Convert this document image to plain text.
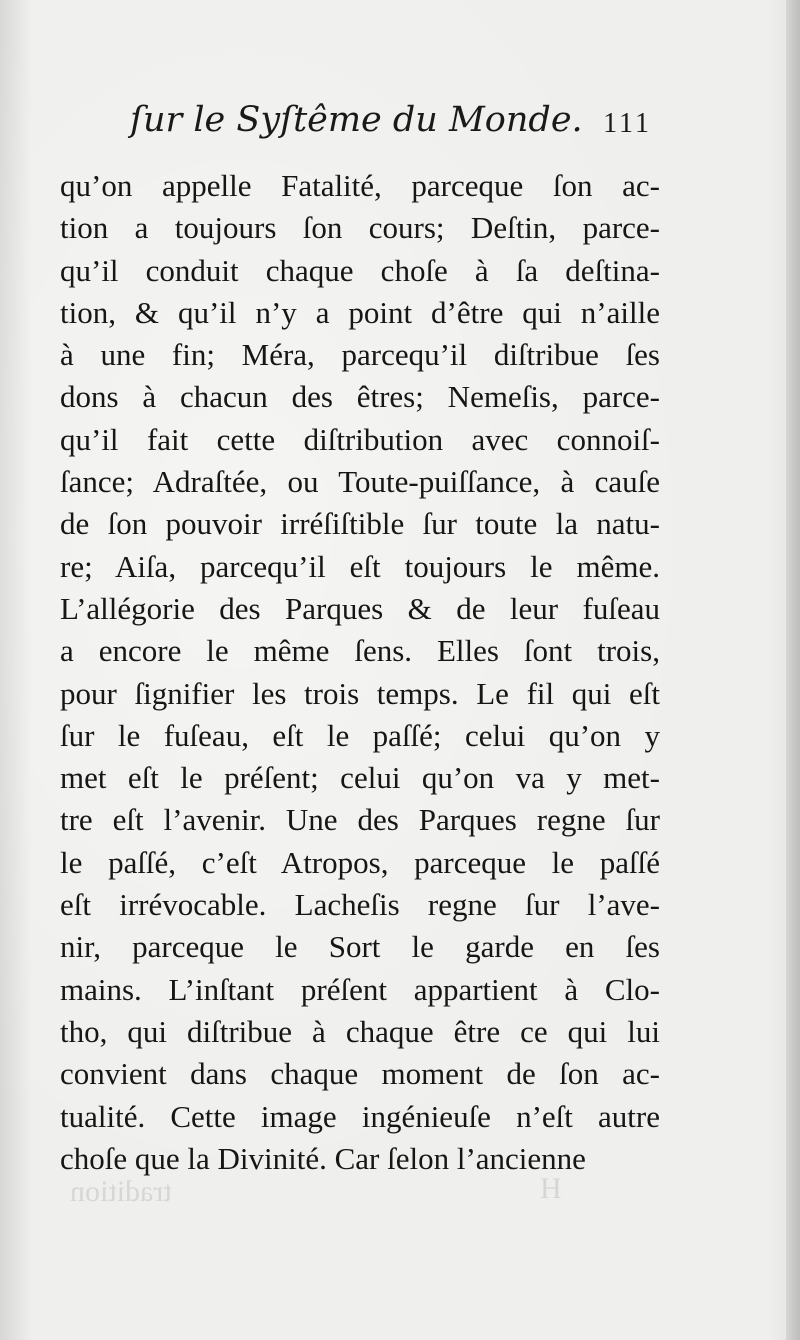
ſur le Syſtême du Monde. 111
qu’on appelle Fatalité, parceque ſon ac-
tion a toujours ſon cours; Deſtin, parce-
qu’il conduit chaque choſe à ſa deſtina-
tion, & qu’il n’y a point d’être qui n’aille
à une fin; Méra, parcequ’il diſtribue ſes
dons à chacun des êtres; Nemeſis, parce-
qu’il fait cette diſtribution avec connoiſ-
ſance; Adraſtée, ou Toute-puiſſance, à cauſe
de ſon pouvoir irréſiſtible ſur toute la natu-
re; Aiſa, parcequ’il eſt toujours le même.
L’allégorie des Parques & de leur fuſeau
a encore le même ſens. Elles ſont trois,
pour ſignifier les trois temps. Le fil qui eſt
ſur le fuſeau, eſt le paſſé; celui qu’on y
met eſt le préſent; celui qu’on va y met-
tre eſt l’avenir. Une des Parques regne ſur
le paſſé, c’eſt Atropos, parceque le paſſé
eſt irrévocable. Lacheſis regne ſur l’ave-
nir, parceque le Sort le garde en ſes
mains. L’inſtant préſent appartient à Clo-
tho, qui diſtribue à chaque être ce qui lui
convient dans chaque moment de ſon ac-
tualité. Cette image ingénieuſe n’eſt autre
choſe que la Divinité. Car ſelon l’ancienne
tradition	H
